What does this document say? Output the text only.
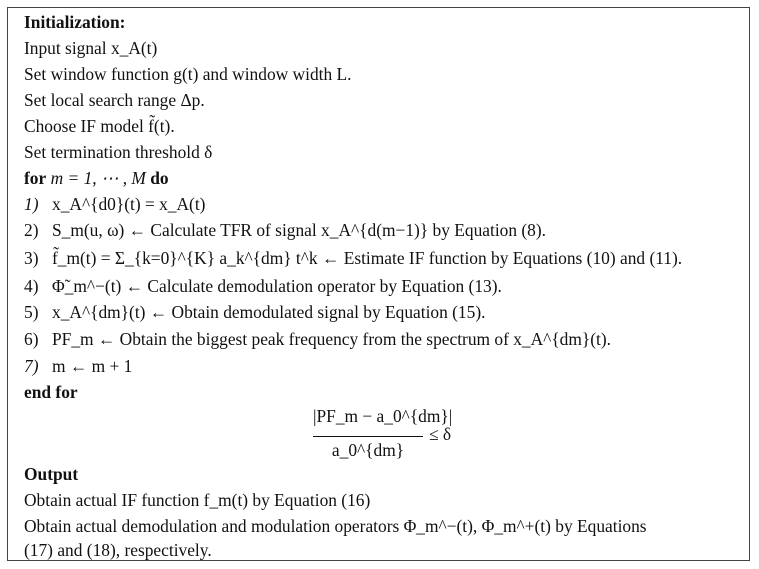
Initialization:
Input signal x_A(t)
Set window function g(t) and window width L.
Set local search range Δp.
Choose IF model f̃(t).
Set termination threshold δ
for m = 1, ⋯ , M do
1) x_A^{d0}(t) = x_A(t)
2) S_m(u, ω) ← Calculate TFR of signal x_A^{d(m−1)} by Equation (8).
3) f̃_m(t) = Σ_{k=0}^{K} a_k^{dm} t^k ← Estimate IF function by Equations (10) and (11).
4) Φ̃_m^−(t) ← Calculate demodulation operator by Equation (13).
5) x_A^{dm}(t) ← Obtain demodulated signal by Equation (15).
6) PF_m ← Obtain the biggest peak frequency from the spectrum of x_A^{dm}(t).
7) m ← m + 1
end for
|PF_m − a_0^{dm}|
a_0^{dm}
≤ δ
Output
Obtain actual IF function f_m(t) by Equation (16)
Obtain actual demodulation and modulation operators Φ_m^−(t), Φ_m^+(t) by Equations
(17) and (18), respectively.
